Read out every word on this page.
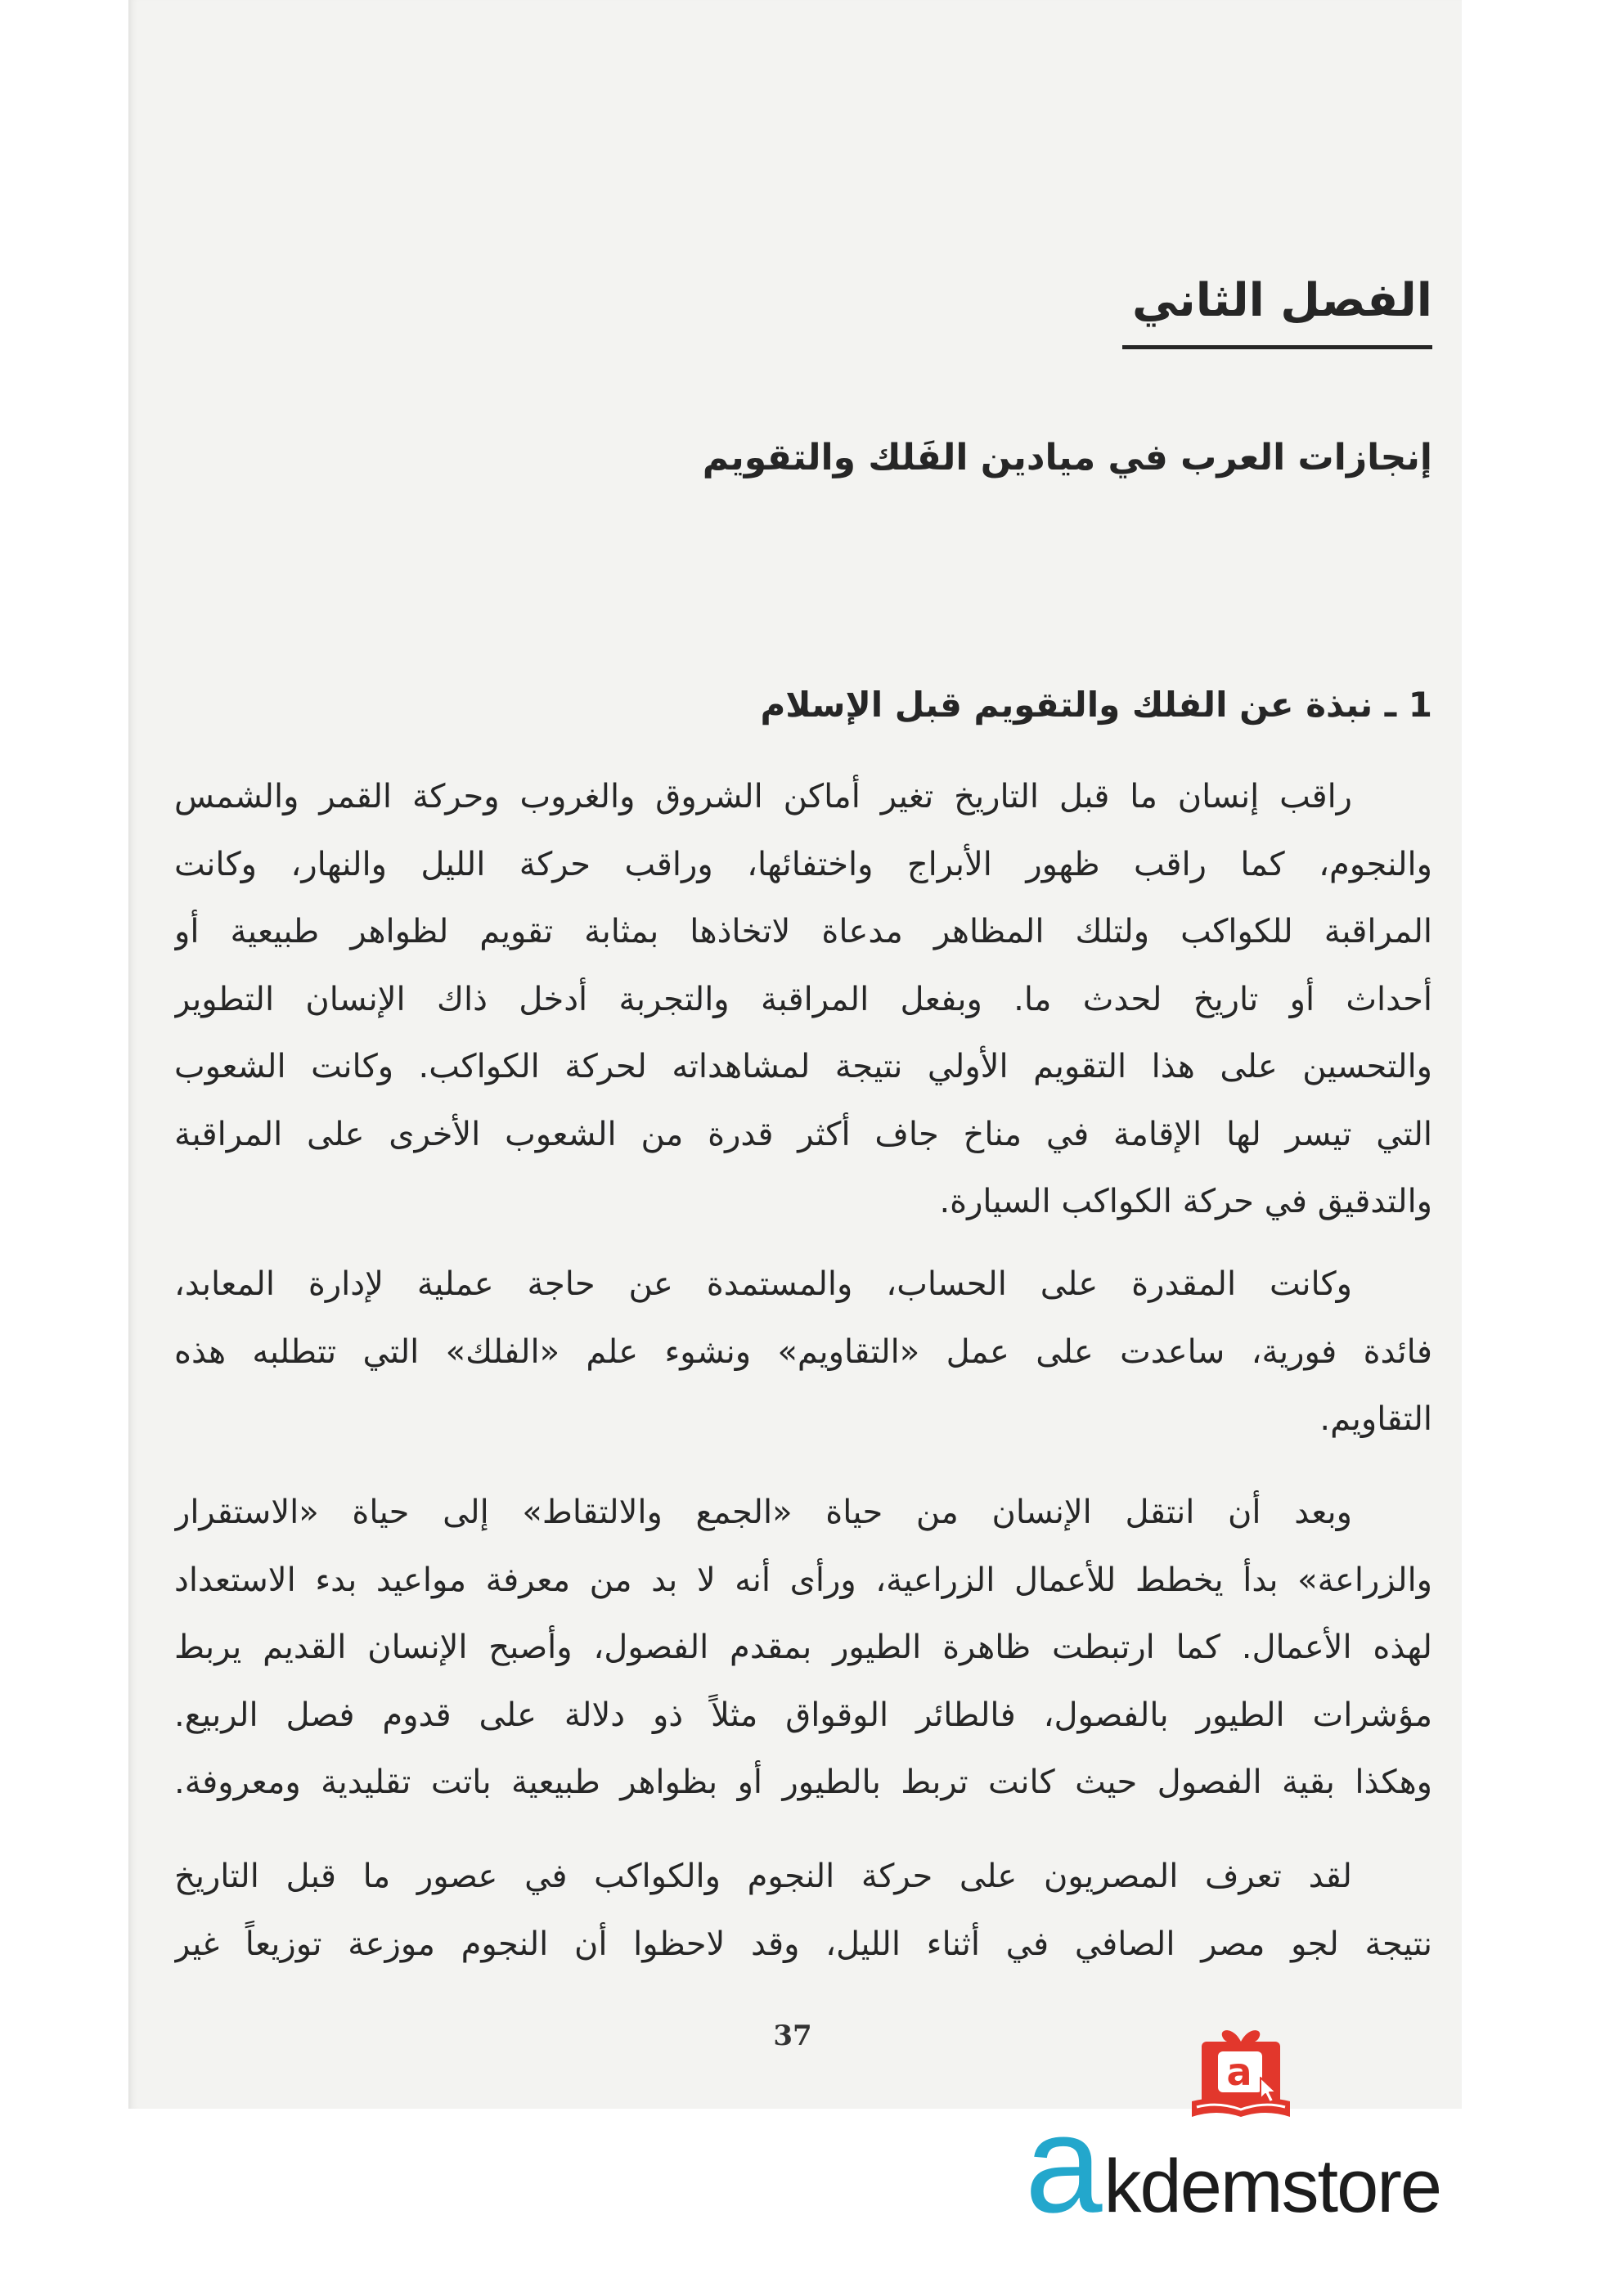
الفصل الثاني
إنجازات العرب في ميادين الفَلك والتقويم
1 ـ نبذة عن الفلك والتقويم قبل الإسلام
راقب إنسان ما قبل التاريخ تغير أماكن الشروق والغروب وحركة القمر والشمس
والنجوم، كما راقب ظهور الأبراج واختفائها، وراقب حركة الليل والنهار، وكانت
المراقبة للكواكب ولتلك المظاهر مدعاة لاتخاذها بمثابة تقويم لظواهر طبيعية أو
أحداث أو تاريخ لحدث ما. وبفعل المراقبة والتجربة أدخل ذاك الإنسان التطوير
والتحسين على هذا التقويم الأولي نتيجة لمشاهداته لحركة الكواكب. وكانت الشعوب
التي تيسر لها الإقامة في مناخ جاف أكثر قدرة من الشعوب الأخرى على المراقبة
والتدقيق في حركة الكواكب السيارة.
وكانت المقدرة على الحساب، والمستمدة عن حاجة عملية لإدارة المعابد،
فائدة فورية، ساعدت على عمل «التقاويم» ونشوء علم «الفلك» التي تتطلبه هذه
التقاويم.
وبعد أن انتقل الإنسان من حياة «الجمع والالتقاط» إلى حياة «الاستقرار
والزراعة» بدأ يخطط للأعمال الزراعية، ورأى أنه لا بد من معرفة مواعيد بدء الاستعداد
لهذه الأعمال. كما ارتبطت ظاهرة الطيور بمقدم الفصول، وأصبح الإنسان القديم يربط
مؤشرات الطيور بالفصول، فالطائر الوقواق مثلاً ذو دلالة على قدوم فصل الربيع.
وهكذا بقية الفصول حيث كانت تربط بالطيور أو بظواهر طبيعية باتت تقليدية ومعروفة.
لقد تعرف المصريون على حركة النجوم والكواكب في عصور ما قبل التاريخ
نتيجة لجو مصر الصافي في أثناء الليل، وقد لاحظوا أن النجوم موزعة توزيعاً غير
37
a
akdemstore
